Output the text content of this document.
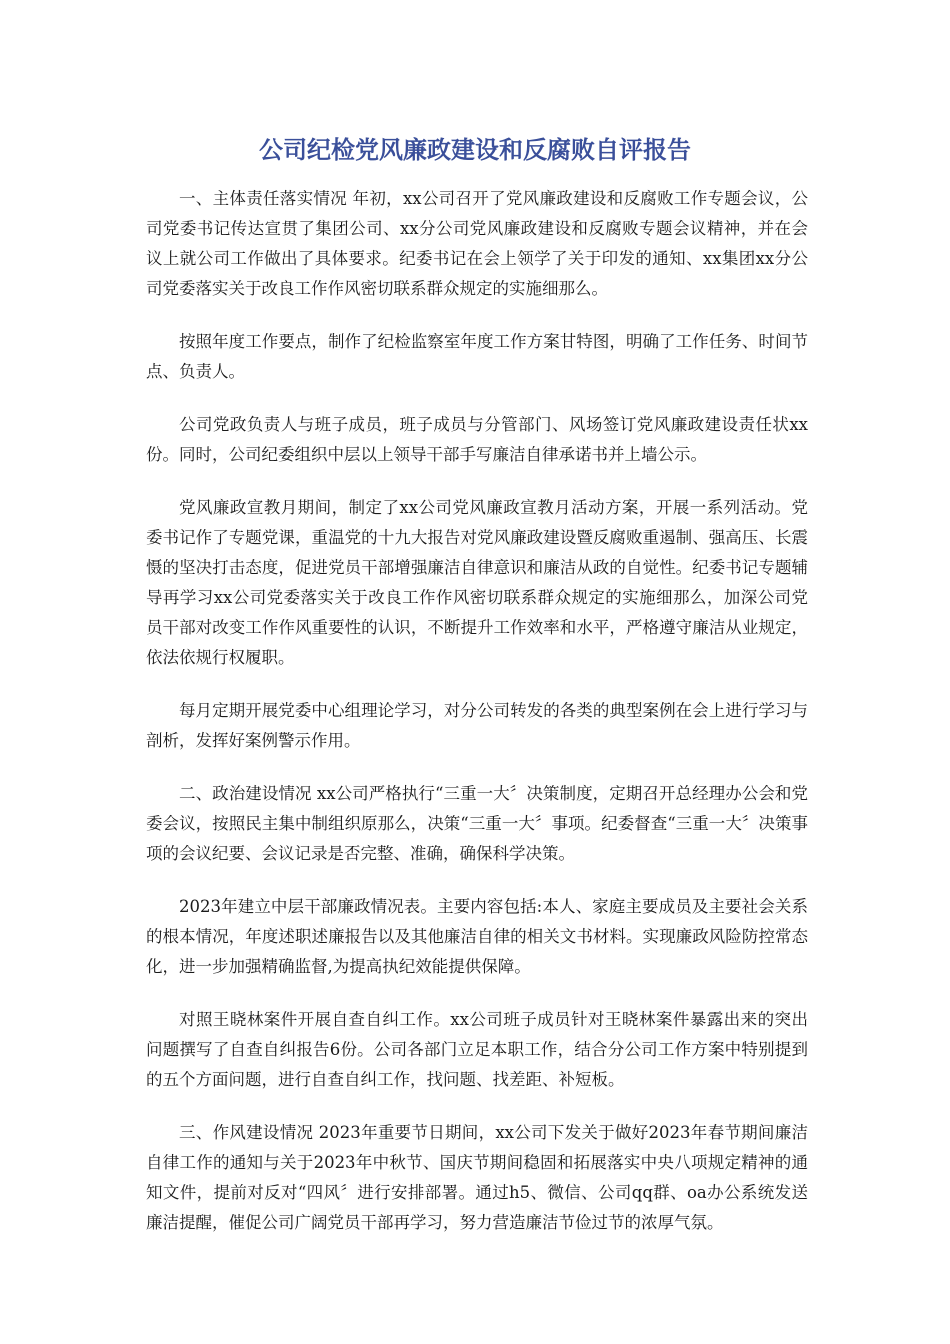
公司纪检党风廉政建设和反腐败自评报告

一、主体责任落实情况 年初，xx公司召开了党风廉政建设和反腐败工作专题会议，公司党委书记传达宣贯了集团公司、xx分公司党风廉政建设和反腐败专题会议精神，并在会议上就公司工作做出了具体要求。纪委书记在会上领学了关于印发的通知、xx集团xx分公司党委落实关于改良工作作风密切联系群众规定的实施细那么。

按照年度工作要点，制作了纪检监察室年度工作方案甘特图，明确了工作任务、时间节点、负责人。

公司党政负责人与班子成员，班子成员与分管部门、风场签订党风廉政建设责任状xx份。同时，公司纪委组织中层以上领导干部手写廉洁自律承诺书并上墙公示。

党风廉政宣教月期间，制定了xx公司党风廉政宣教月活动方案，开展一系列活动。党委书记作了专题党课，重温党的十九大报告对党风廉政建设暨反腐败重遏制、强高压、长震慑的坚决打击态度，促进党员干部增强廉洁自律意识和廉洁从政的自觉性。纪委书记专题辅导再学习xx公司党委落实关于改良工作作风密切联系群众规定的实施细那么，加深公司党员干部对改变工作作风重要性的认识，不断提升工作效率和水平，严格遵守廉洁从业规定，依法依规行权履职。

每月定期开展党委中心组理论学习，对分公司转发的各类的典型案例在会上进行学习与剖析，发挥好案例警示作用。

二、政治建设情况 xx公司严格执行“三重一大〞决策制度，定期召开总经理办公会和党委会议，按照民主集中制组织原那么，决策“三重一大〞事项。纪委督查“三重一大〞决策事项的会议纪要、会议记录是否完整、准确，确保科学决策。

2023年建立中层干部廉政情况表。主要内容包括:本人、家庭主要成员及主要社会关系的根本情况，年度述职述廉报告以及其他廉洁自律的相关文书材料。实现廉政风险防控常态化，进一步加强精确监督,为提高执纪效能提供保障。

对照王晓林案件开展自查自纠工作。xx公司班子成员针对王晓林案件暴露出来的突出问题撰写了自查自纠报告6份。公司各部门立足本职工作，结合分公司工作方案中特别提到的五个方面问题，进行自查自纠工作，找问题、找差距、补短板。

三、作风建设情况 2023年重要节日期间，xx公司下发关于做好2023年春节期间廉洁自律工作的通知与关于2023年中秋节、国庆节期间稳固和拓展落实中央八项规定精神的通知文件，提前对反对“四风〞进行安排部署。通过h5、微信、公司qq群、oa办公系统发送廉洁提醒，催促公司广阔党员干部再学习，努力营造廉洁节俭过节的浓厚气氛。
